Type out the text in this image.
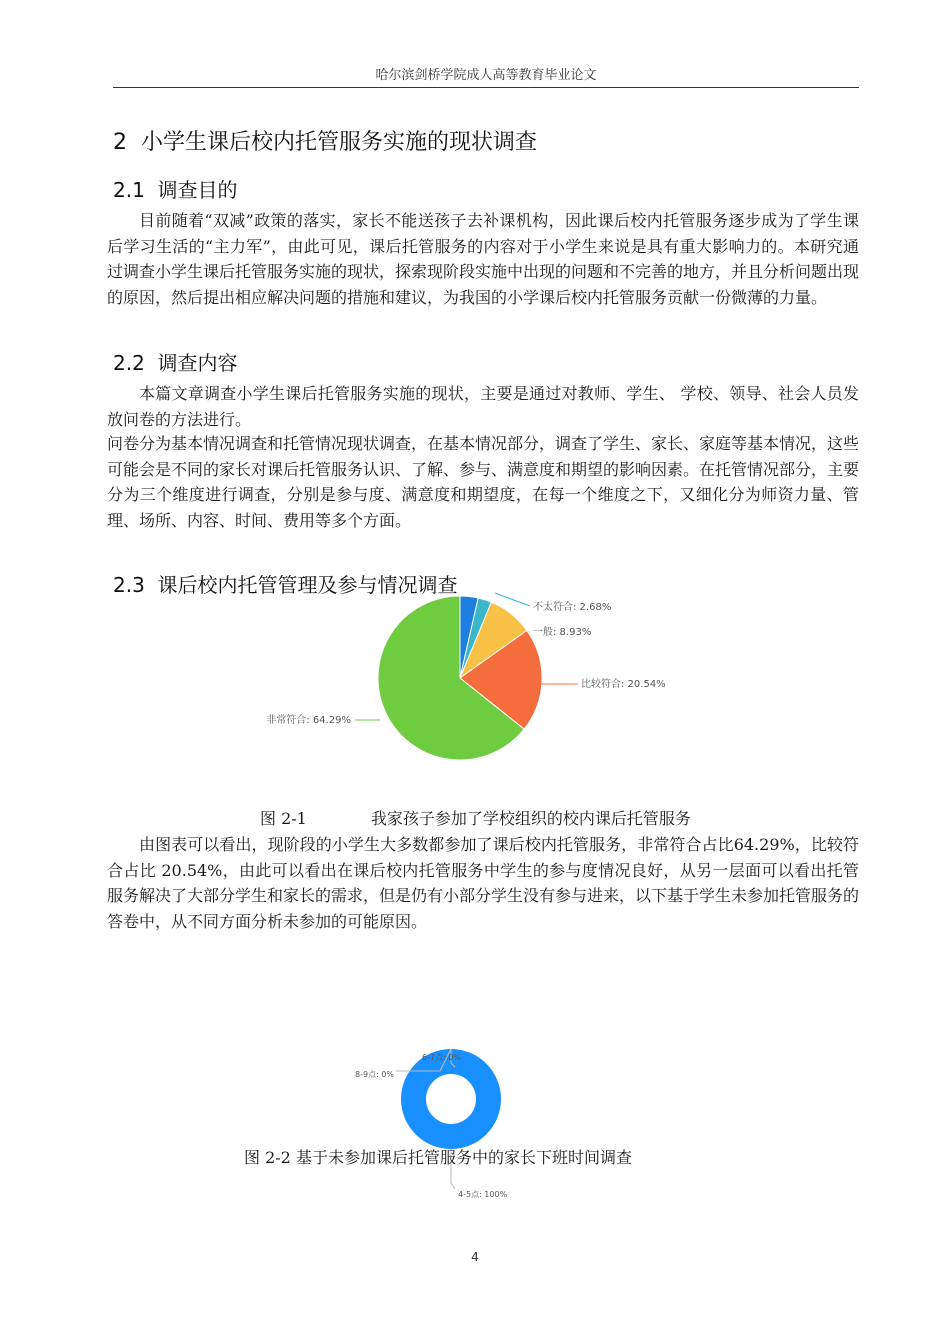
哈尔滨剑桥学院成人高等教育毕业论文
2 小学生课后校内托管服务实施的现状调查
2.1 调查目的
目前随着“双减”政策的落实，家长不能送孩子去补课机构，因此课后校内托管服务逐步成为了学生课后学习生活的“主力军”，由此可见，课后托管服务的内容对于小学生来说是具有重大影响力的。本研究通过调查小学生课后托管服务实施的现状，探索现阶段实施中出现的问题和不完善的地方，并且分析问题出现的原因，然后提出相应解决问题的措施和建议，为我国的小学课后校内托管服务贡献一份微薄的力量。
2.2 调查内容
本篇文章调查小学生课后托管服务实施的现状，主要是通过对教师、学生、 学校、领导、社会人员发放问卷的方法进行。
问卷分为基本情况调查和托管情况现状调查，在基本情况部分，调查了学生、家长、家庭等基本情况，这些可能会是不同的家长对课后托管服务认识、了解、参与、满意度和期望的影响因素。在托管情况部分，主要分为三个维度进行调查，分别是参与度、满意度和期望度，在每一个维度之下，又细化分为师资力量、管理、场所、内容、时间、费用等多个方面。
2.3 课后校内托管管理及参与情况调查
不太符合: 2.68%
一般: 8.93%
比较符合: 20.54%
非常符合: 64.29%
图 2-1	我家孩子参加了学校组织的校内课后托管服务
由图表可以看出，现阶段的小学生大多数都参加了课后校内托管服务，非常符合占比64.29%，比较符合占比 20.54%，由此可以看出在课后校内托管服务中学生的参与度情况良好，从另一层面可以看出托管服务解决了大部分学生和家长的需求，但是仍有小部分学生没有参与进来，以下基于学生未参加托管服务的答卷中，从不同方面分析未参加的可能原因。
6-7点: 0%
8-9点: 0%
4-5点: 100%
图 2-2 基于未参加课后托管服务中的家长下班时间调查
4
